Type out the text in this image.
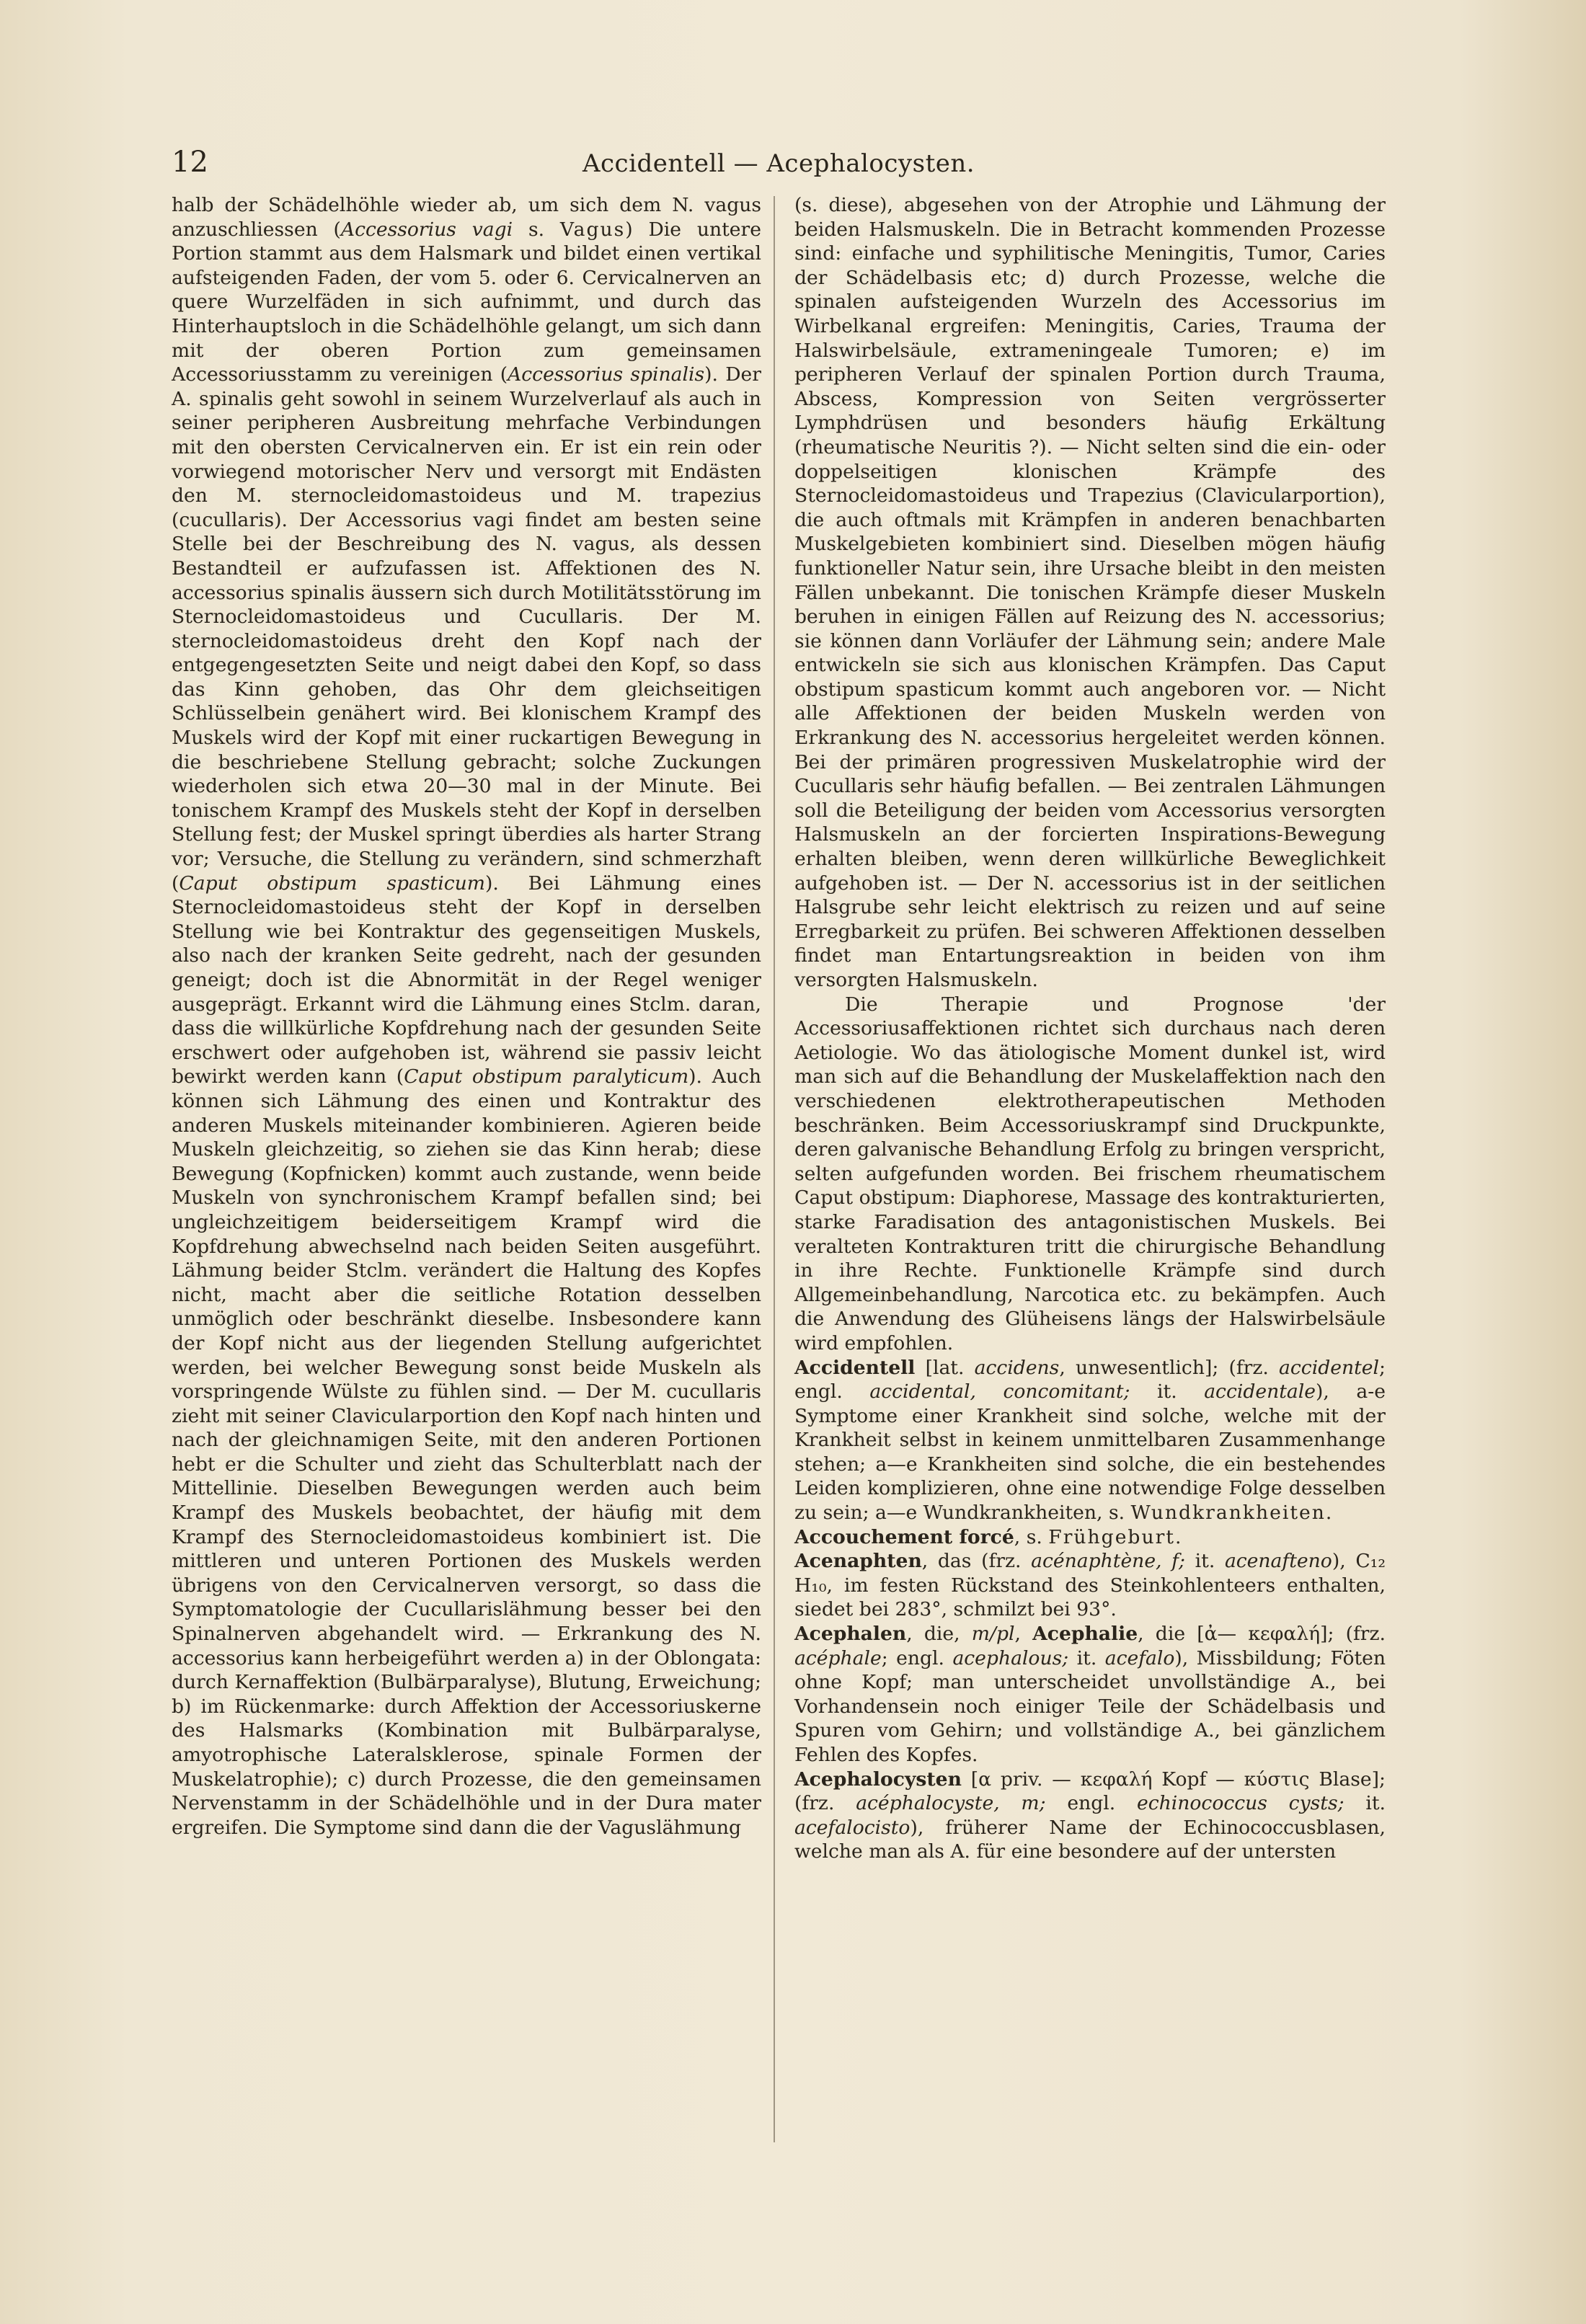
12	Accidentell — Acephalocysten.

halb der Schädelhöhle wieder ab, um sich dem N. vagus anzuschliessen (Accessorius vagi s. Vagus) Die untere Portion stammt aus dem Halsmark und bildet einen vertikal aufsteigenden Faden, der vom 5. oder 6. Cervicalnerven an quere Wurzelfäden in sich aufnimmt, und durch das Hinterhauptsloch in die Schädelhöhle gelangt, um sich dann mit der oberen Portion zum gemeinsamen Accessoriusstamm zu vereinigen (Accessorius spinalis). Der A. spinalis geht sowohl in seinem Wurzelverlauf als auch in seiner peripheren Ausbreitung mehrfache Verbindungen mit den obersten Cervicalnerven ein. Er ist ein rein oder vorwiegend motorischer Nerv und versorgt mit Endästen den M. sternocleidomastoideus und M. trapezius (cucullaris). Der Accessorius vagi findet am besten seine Stelle bei der Beschreibung des N. vagus, als dessen Bestandteil er aufzufassen ist. Affektionen des N. accessorius spinalis äussern sich durch Motilitätsstörung im Sternocleidomastoideus und Cucullaris. Der M. sternocleidomastoideus dreht den Kopf nach der entgegengesetzten Seite und neigt dabei den Kopf, so dass das Kinn gehoben, das Ohr dem gleichseitigen Schlüsselbein genähert wird. Bei klonischem Krampf des Muskels wird der Kopf mit einer ruckartigen Bewegung in die beschriebene Stellung gebracht; solche Zuckungen wiederholen sich etwa 20—30 mal in der Minute. Bei tonischem Krampf des Muskels steht der Kopf in derselben Stellung fest; der Muskel springt überdies als harter Strang vor; Versuche, die Stellung zu verändern, sind schmerzhaft (Caput obstipum spasticum). Bei Lähmung eines Sternocleidomastoideus steht der Kopf in derselben Stellung wie bei Kontraktur des gegenseitigen Muskels, also nach der kranken Seite gedreht, nach der gesunden geneigt; doch ist die Abnormität in der Regel weniger ausgeprägt. Erkannt wird die Lähmung eines Stclm. daran, dass die willkürliche Kopfdrehung nach der gesunden Seite erschwert oder aufgehoben ist, während sie passiv leicht bewirkt werden kann (Caput obstipum paralyticum). Auch können sich Lähmung des einen und Kontraktur des anderen Muskels miteinander kombinieren. Agieren beide Muskeln gleichzeitig, so ziehen sie das Kinn herab; diese Bewegung (Kopfnicken) kommt auch zustande, wenn beide Muskeln von synchronischem Krampf befallen sind; bei ungleichzeitigem beiderseitigem Krampf wird die Kopfdrehung abwechselnd nach beiden Seiten ausgeführt. Lähmung beider Stclm. verändert die Haltung des Kopfes nicht, macht aber die seitliche Rotation desselben unmöglich oder beschränkt dieselbe. Insbesondere kann der Kopf nicht aus der liegenden Stellung aufgerichtet werden, bei welcher Bewegung sonst beide Muskeln als vorspringende Wülste zu fühlen sind. — Der M. cucullaris zieht mit seiner Clavicularportion den Kopf nach hinten und nach der gleichnamigen Seite, mit den anderen Portionen hebt er die Schulter und zieht das Schulterblatt nach der Mittellinie. Dieselben Bewegungen werden auch beim Krampf des Muskels beobachtet, der häufig mit dem Krampf des Sternocleidomastoideus kombiniert ist. Die mittleren und unteren Portionen des Muskels werden übrigens von den Cervicalnerven versorgt, so dass die Symptomatologie der Cucullarislähmung besser bei den Spinalnerven abgehandelt wird. — Erkrankung des N. accessorius kann herbeigeführt werden a) in der Oblongata: durch Kernaffektion (Bulbärparalyse), Blutung, Erweichung; b) im Rückenmarke: durch Affektion der Accessoriuskerne des Halsmarks (Kombination mit Bulbärparalyse, amyotrophische Lateralsklerose, spinale Formen der Muskelatrophie); c) durch Prozesse, die den gemeinsamen Nervenstamm in der Schädelhöhle und in der Dura mater ergreifen. Die Symptome sind dann die der Vaguslähmung

(s. diese), abgesehen von der Atrophie und Lähmung der beiden Halsmuskeln. Die in Betracht kommenden Prozesse sind: einfache und syphilitische Meningitis, Tumor, Caries der Schädelbasis etc; d) durch Prozesse, welche die spinalen aufsteigenden Wurzeln des Accessorius im Wirbelkanal ergreifen: Meningitis, Caries, Trauma der Halswirbelsäule, extrameningeale Tumoren; e) im peripheren Verlauf der spinalen Portion durch Trauma, Abscess, Kompression von Seiten vergrösserter Lymphdrüsen und besonders häufig Erkältung (rheumatische Neuritis ?). — Nicht selten sind die ein- oder doppelseitigen klonischen Krämpfe des Sternocleidomastoideus und Trapezius (Clavicularportion), die auch oftmals mit Krämpfen in anderen benachbarten Muskelgebieten kombiniert sind. Dieselben mögen häufig funktioneller Natur sein, ihre Ursache bleibt in den meisten Fällen unbekannt. Die tonischen Krämpfe dieser Muskeln beruhen in einigen Fällen auf Reizung des N. accessorius; sie können dann Vorläufer der Lähmung sein; andere Male entwickeln sie sich aus klonischen Krämpfen. Das Caput obstipum spasticum kommt auch angeboren vor. — Nicht alle Affektionen der beiden Muskeln werden von Erkrankung des N. accessorius hergeleitet werden können. Bei der primären progressiven Muskelatrophie wird der Cucullaris sehr häufig befallen. — Bei zentralen Lähmungen soll die Beteiligung der beiden vom Accessorius versorgten Halsmuskeln an der forcierten Inspirations-Bewegung erhalten bleiben, wenn deren willkürliche Beweglichkeit aufgehoben ist. — Der N. accessorius ist in der seitlichen Halsgrube sehr leicht elektrisch zu reizen und auf seine Erregbarkeit zu prüfen. Bei schweren Affektionen desselben findet man Entartungsreaktion in beiden von ihm versorgten Halsmuskeln.

Die Therapie und Prognose 'der Accessoriusaffektionen richtet sich durchaus nach deren Aetiologie. Wo das ätiologische Moment dunkel ist, wird man sich auf die Behandlung der Muskelaffektion nach den verschiedenen elektrotherapeutischen Methoden beschränken. Beim Accessoriuskrampf sind Druckpunkte, deren galvanische Behandlung Erfolg zu bringen verspricht, selten aufgefunden worden. Bei frischem rheumatischem Caput obstipum: Diaphorese, Massage des kontrakturierten, starke Faradisation des antagonistischen Muskels. Bei veralteten Kontrakturen tritt die chirurgische Behandlung in ihre Rechte. Funktionelle Krämpfe sind durch Allgemeinbehandlung, Narcotica etc. zu bekämpfen. Auch die Anwendung des Glüheisens längs der Halswirbelsäule wird empfohlen.

Accidentell [lat. accidens, unwesentlich]; (frz. accidentel; engl. accidental, concomitant; it. accidentale), a-e Symptome einer Krankheit sind solche, welche mit der Krankheit selbst in keinem unmittelbaren Zusammenhange stehen; a—e Krankheiten sind solche, die ein bestehendes Leiden komplizieren, ohne eine notwendige Folge desselben zu sein; a—e Wundkrankheiten, s. Wundkrankheiten.

Accouchement forcé, s. Frühgeburt.

Acenaphten, das (frz. acénaphtène, f; it. acenafteno), C₁₂ H₁₀, im festen Rückstand des Steinkohlenteers enthalten, siedet bei 283°, schmilzt bei 93°.

Acephalen, die, m/pl, Acephalie, die [ἀ— κεφαλή]; (frz. acéphale; engl. acephalous; it. acefalo), Missbildung; Föten ohne Kopf; man unterscheidet unvollständige A., bei Vorhandensein noch einiger Teile der Schädelbasis und Spuren vom Gehirn; und vollständige A., bei gänzlichem Fehlen des Kopfes.

Acephalocysten [α priv. — κεφαλή Kopf — κύστις Blase]; (frz. acéphalocyste, m; engl. echinococcus cysts; it. acefalocisto), früherer Name der Echinococcusblasen, welche man als A. für eine besondere auf der untersten
